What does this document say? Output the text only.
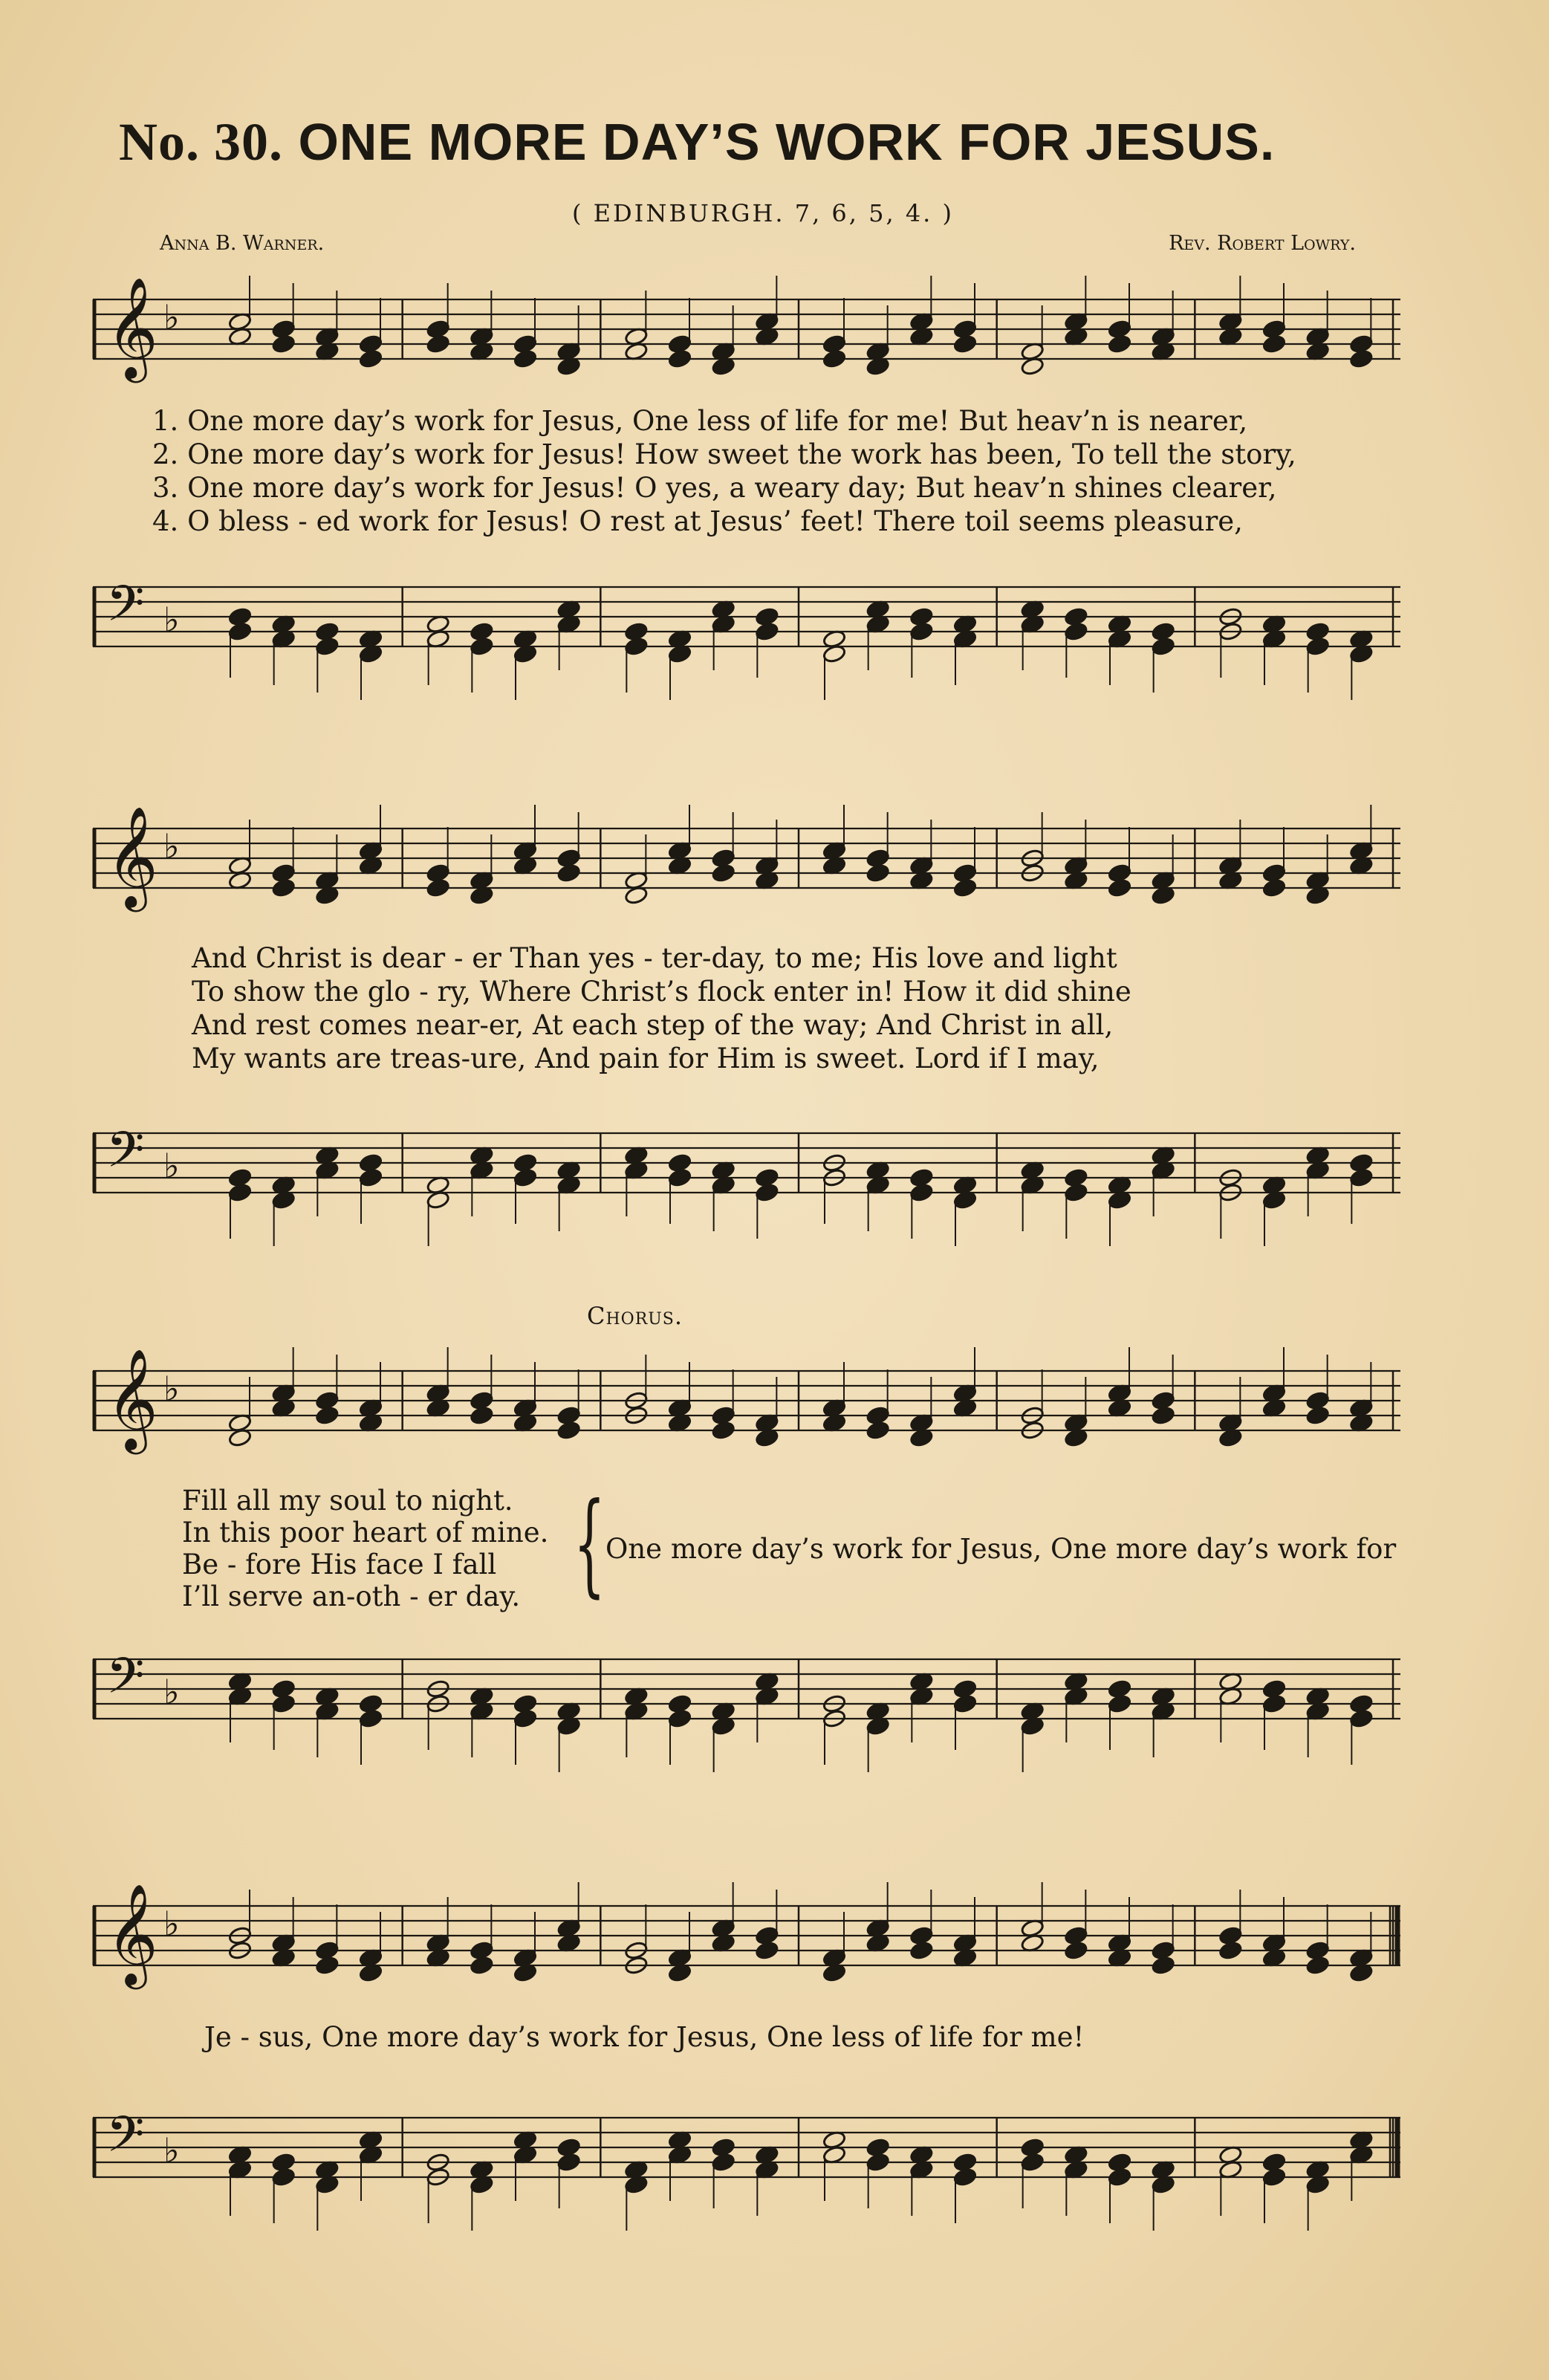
No. 30. ONE MORE DAY’S WORK FOR JESUS.
( EDINBURGH. 7, 6, 5, 4. )
Anna B. Warner.	Rev. Robert Lowry.
𝄞 ♭
1. One more day’s work for Jesus, One less of life for me! But heav’n is nearer,
2. One more day’s work for Jesus! How sweet the work has been, To tell the story,
3. One more day’s work for Jesus! O yes, a weary day; But heav’n shines clearer,
4. O bless - ed work for Jesus! O rest at Jesus’ feet! There toil seems pleasure,
𝄢 ♭
𝄞 ♭
And Christ is dear - er Than yes - ter-day, to me; His love and light
To show the glo - ry, Where Christ’s flock enter in! How it did shine
And rest comes near-er, At each step of the way; And Christ in all,
My wants are treas-ure, And pain for Him is sweet. Lord if I may,
𝄢 ♭
Chorus.
𝄞 ♭
Fill all my soul to night.
In this poor heart of mine.
Be - fore His face I fall
I’ll serve an-oth - er day. { One more day’s work for Jesus, One more day’s work for
𝄢 ♭
𝄞 ♭
Je - sus, One more day’s work for Jesus, One less of life for me!
𝄢 ♭
